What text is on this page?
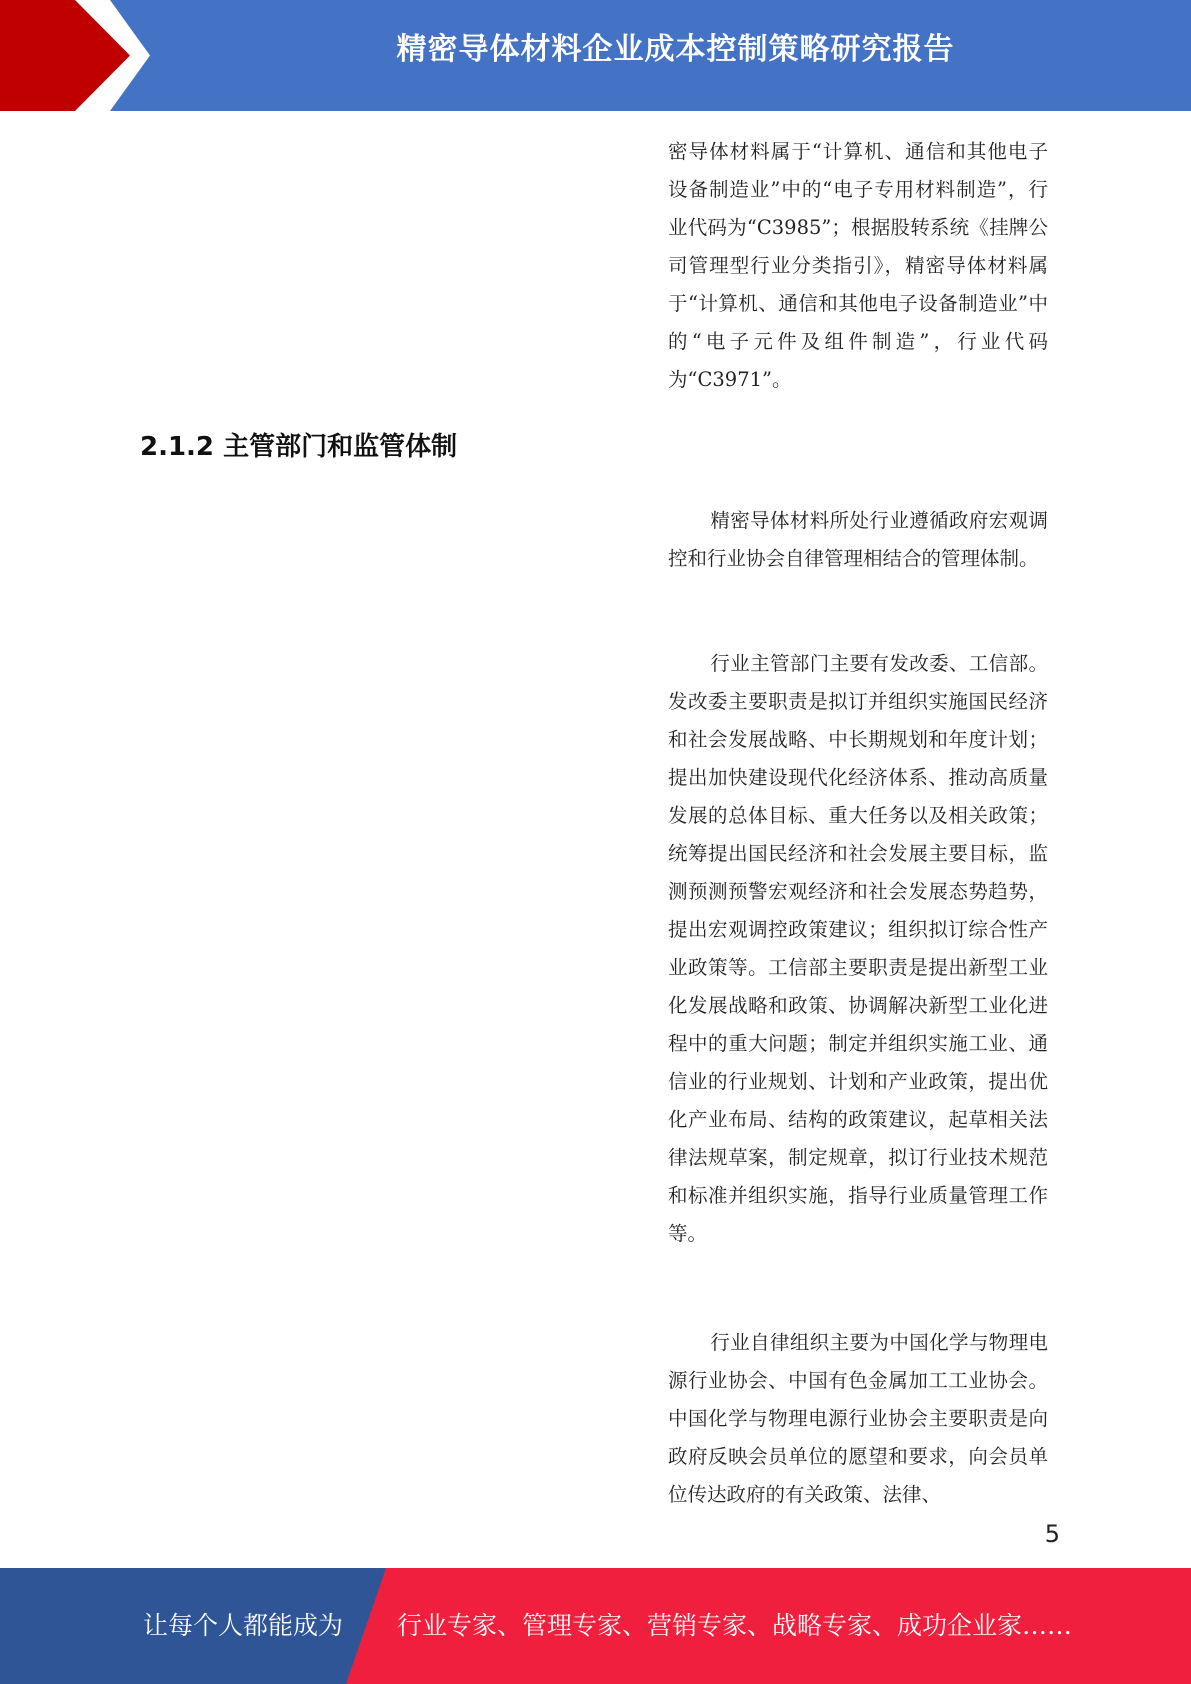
精密导体材料企业成本控制策略研究报告

密导体材料属于“计算机、通信和其他电子设备制造业”中的“电子专用材料制造”，行业代码为“C3985”；根据股转系统《挂牌公司管理型行业分类指引》，精密导体材料属于“计算机、通信和其他电子设备制造业”中的“电子元件及组件制造”，行业代码为“C3971”。

2.1.2 主管部门和监管体制

精密导体材料所处行业遵循政府宏观调控和行业协会自律管理相结合的管理体制。

行业主管部门主要有发改委、工信部。发改委主要职责是拟订并组织实施国民经济和社会发展战略、中长期规划和年度计划；提出加快建设现代化经济体系、推动高质量发展的总体目标、重大任务以及相关政策；统筹提出国民经济和社会发展主要目标，监测预测预警宏观经济和社会发展态势趋势，提出宏观调控政策建议；组织拟订综合性产业政策等。工信部主要职责是提出新型工业化发展战略和政策、协调解决新型工业化进程中的重大问题；制定并组织实施工业、通信业的行业规划、计划和产业政策，提出优化产业布局、结构的政策建议，起草相关法律法规草案，制定规章，拟订行业技术规范和标准并组织实施，指导行业质量管理工作等。

行业自律组织主要为中国化学与物理电源行业协会、中国有色金属加工工业协会。中国化学与物理电源行业协会主要职责是向政府反映会员单位的愿望和要求，向会员单位传达政府的有关政策、法律、

5
让每个人都能成为 行业专家、管理专家、营销专家、战略专家、成功企业家……
